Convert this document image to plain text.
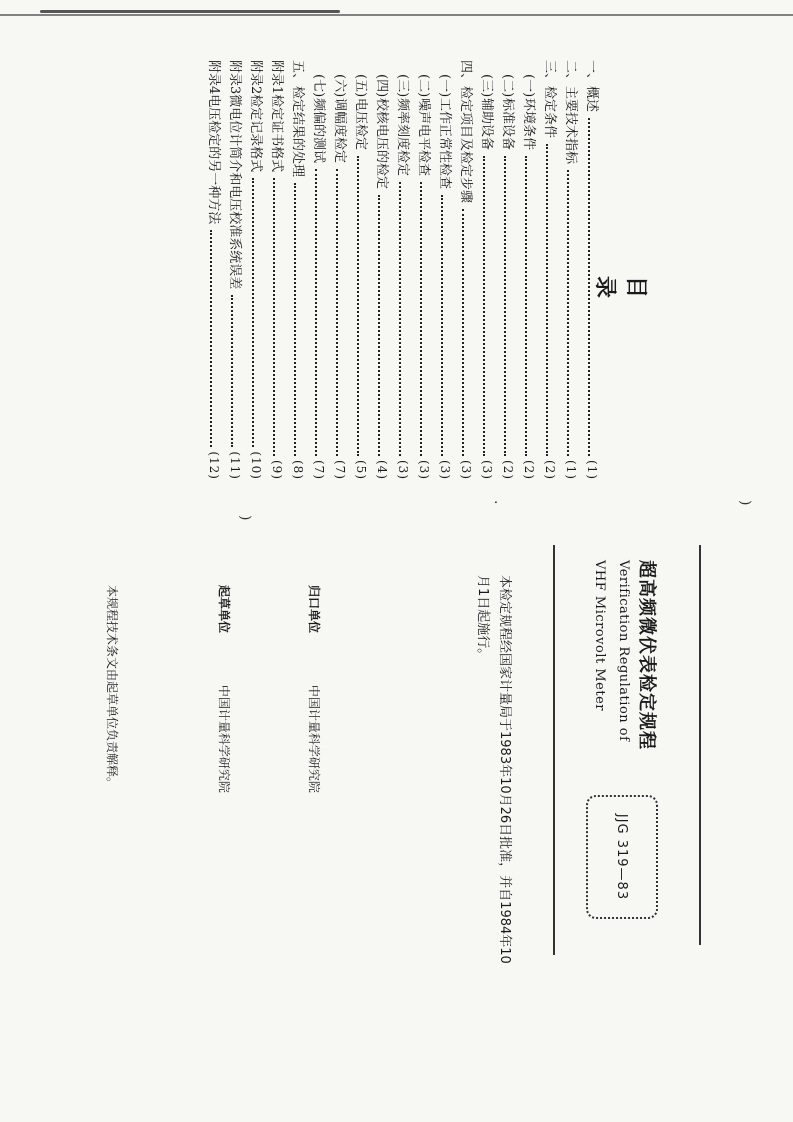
目　录
一、
概述
(1)
二、
主要技术指标
(1)
三、
检定条件
(2)
(一)
环境条件
(2)
(二)
标准设备
(2)
(三)
辅助设备
(3)
四、
检定项目及检定步骤
(3)
(一)
工作正常性检查
(3)
(二)
噪声电平检查
(3)
(三)
频率刻度检定
(3)
(四)
校核电压的检定
(4)
(五)
电压检定
(5)
(六)
调幅度检定
(7)
(七)
频偏的测试
(7)
五、
检定结果的处理
(8)
附录1
检定证书格式
(9)
附录2
检定记录格式
(10)
附录3
微电位计简介和电压校准系统误差
(11)
附录4
电压检定的另一种方法
(12)
超高频微伏表检定规程
Verification Regulation of
VHF Microvolt Meter
JJG 319—83
本检定规程经国家计量局于1983年10月26日批准，并自1984年10月1日起施行。
归口单位 中国计量科学研究院
起草单位 中国计量科学研究院
本规程技术条文由起草单位负责解释。
)
·
)
